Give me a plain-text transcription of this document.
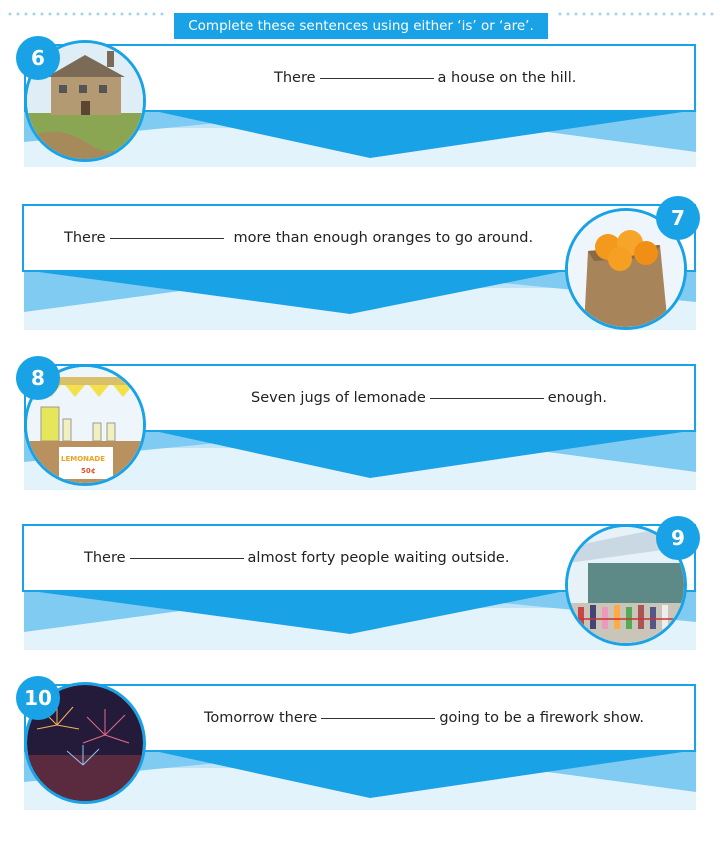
Complete these sentences using either ‘is’ or ‘are’.
There	a house on the hill.
6
There	more than enough oranges to go around.
7
Seven jugs of lemonade	enough.
LEMONADE
50¢
8
There	almost forty people waiting outside.
9
Tomorrow there	going to be a firework show.
10
